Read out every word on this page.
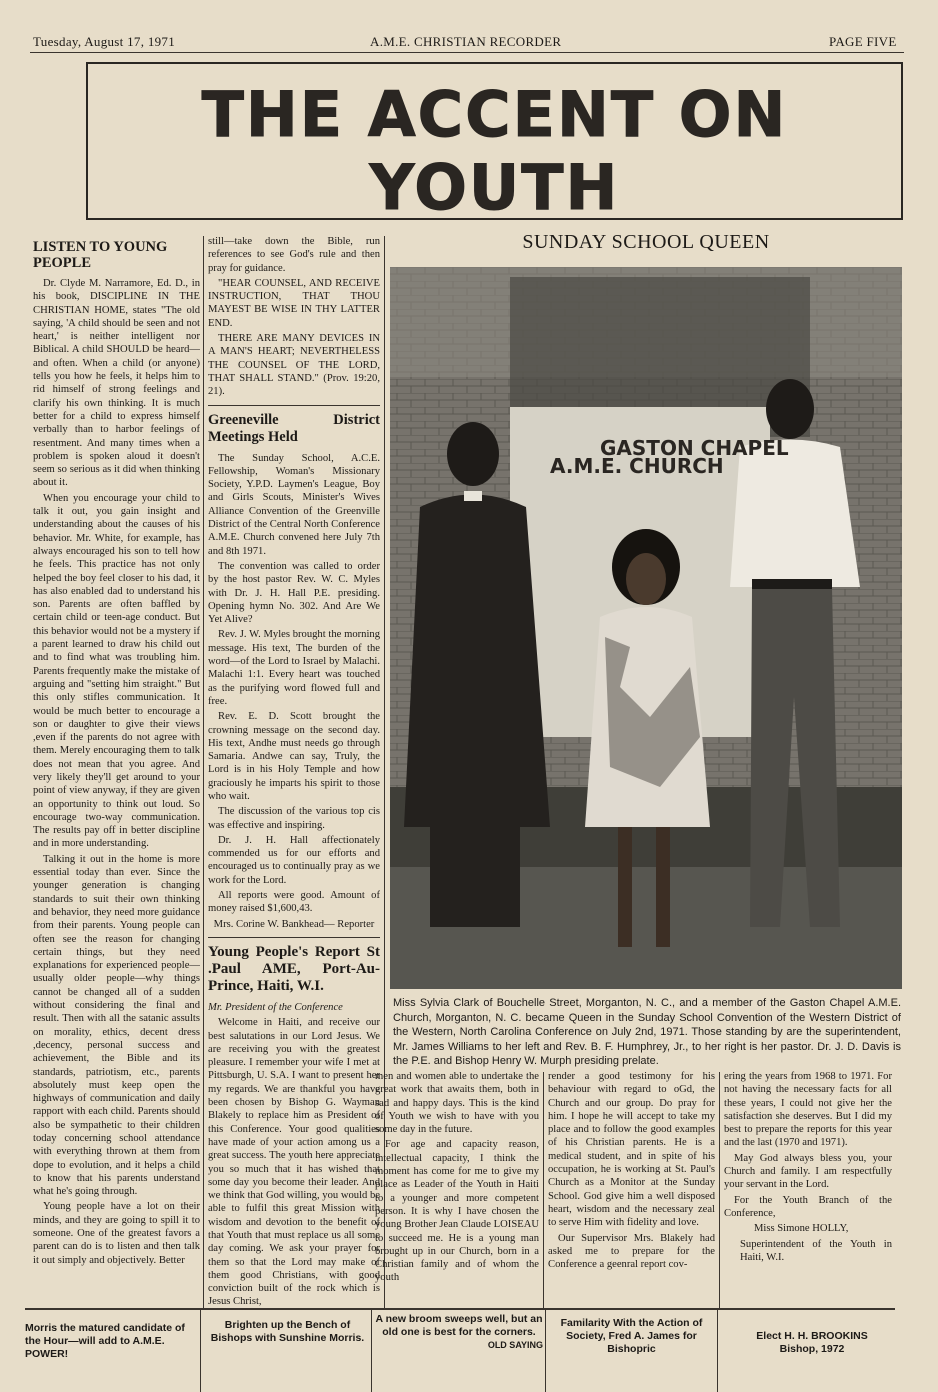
Tuesday, August 17, 1971	A.M.E. CHRISTIAN RECORDER	PAGE FIVE
THE ACCENT ON YOUTH
LISTEN TO YOUNG PEOPLE

Dr. Clyde M. Narramore, Ed. D., in his book, DISCIPLINE IN THE CHRISTIAN HOME, states "The old saying, 'A child should be seen and not heart,' is neither intelligent nor Biblical. A child SHOULD be heard—and often. When a child (or anyone) tells you how he feels, it helps him to rid himself of strong feelings and clarify his own thinking. It is much better for a child to express himself verbally than to harbor feelings of resentment. And many times when a problem is spoken aloud it doesn't seem so serious as it did when thinking about it.

When you encourage your child to talk it out, you gain insight and understanding about the causes of his behavior. Mr. White, for example, has always encouraged his son to tell how he feels. This practice has not only helped the boy feel closer to his dad, it has also enabled dad to understand his son. Parents are often baffled by certain child or teen-age conduct. But this behavior would not be a mystery if a parent learned to draw his child out and to find what was troubling him. Parents frequently make the mistake of arguing and "setting him straight." But this only stifles communication. It would be much better to encourage a son or daughter to give their views ,even if the parents do not agree with them. Merely encouraging them to talk does not mean that you agree. And very likely they'll get around to your point of view anyway, if they are given an opportunity to think out loud. So encourage two-way communication. The results pay off in better discipline and in more understanding.

Talking it out in the home is more essential today than ever. Since the younger generation is changing standards to suit their own thinking and behavior, they need more guidance from their parents. Young people can often see the reason for changing certain things, but they need explanations for experienced people—usually older people—why things cannot be changed all of a sudden without considering the final and result. Then with all the satanic assults on morality, ethics, decent dress ,decency, personal success and achievement, the Bible and its standards, patriotism, etc., parents absolutely must keep open the highways of communication and daily rapport with each child. Parents should also be sympathetic to their children today concerning school attendance with everything thrown at them from dope to evolution, and it helps a child to know that his parents understand what he's going through.

Young people have a lot on their minds, and they are going to spill it to someone. One of the greatest favors a parent can do is to listen and then talk it out simply and objectively. Better

still—take down the Bible, run references to see God's rule and then pray for guidance.

"HEAR COUNSEL, AND RECEIVE INSTRUCTION, THAT THOU MAYEST BE WISE IN THY LATTER END.

THERE ARE MANY DEVICES IN A MAN'S HEART; NEVERTHELESS THE COUNSEL OF THE LORD, THAT SHALL STAND." (Prov. 19:20, 21).

Greeneville District Meetings Held

The Sunday School, A.C.E. Fellowship, Woman's Missionary Society, Y.P.D. Laymen's League, Boy and Girls Scouts, Minister's Wives Alliance Convention of the Greenville District of the Central North Conference A.M.E. Church convened here July 7th and 8th 1971.

The convention was called to order by the host pastor Rev. W. C. Myles with Dr. J. H. Hall P.E. presiding. Opening hymn No. 302. And Are We Yet Alive?

Rev. J. W. Myles brought the morning message. His text, The burden of the word—of the Lord to Israel by Malachi. Malachi 1:1. Every heart was touched as the purifying word flowed full and free.

Rev. E. D. Scott brought the crowning message on the second day. His text, Andhe must needs go through Samaria. Andwe can say, Truly, the Lord is in his Holy Temple and how graciously he imparts his spirit to those who wait.

The discussion of the various top cis was effective and inspiring.

Dr. J. H. Hall affectionately commended us for our efforts and encouraged us to continually pray as we work for the Lord.

All reports were good. Amount of money raised $1,600,43.

Mrs. Corine W. Bankhead— Reporter

Young People's Report St .Paul AME, Port-Au-Prince, Haiti, W.I.

Mr. President of the Conference

Welcome in Haiti, and receive our best salutations in our Lord Jesus. We are receiving you with the greatest pleasure. I remember your wife I met at Pittsburgh, U. S.A. I want to present her my regards. We are thankful you have been chosen by Bishop G. Wayman Blakely to replace him as President of this Conference. Your good qualities have made of your action among us a great success. The youth here appreciate you so much that it has wished that some day you become their leader. And we think that God willing, you would be able to fulfil this great Mission with wisdom and devotion to the benefit of that Youth that must replace us all some day coming. We ask your prayer for them so that the Lord may make of them good Christians, with good conviction built of the rock which is Jesus Christ,

SUNDAY SCHOOL QUEEN
GASTON CHAPEL
A.M.E. CHURCH
Miss Sylvia Clark of Bouchelle Street, Morganton, N. C., and a member of the Gaston Chapel A.M.E. Church, Morganton, N. C. became Queen in the Sunday School Convention of the Western District of the Western, North Carolina Conference on July 2nd, 1971. Those standing by are the superintendent, Mr. James Williams to her left and Rev. B. F. Humphrey, Jr., to her right is her pastor. Dr. J. D. Davis is the P.E. and Bishop Henry W. Murph presiding prelate.

men and women able to undertake the great work that awaits them, both in sad and happy days. This is the kind of Youth we wish to have with you some day in the future.

For age and capacity reason, intellectual capacity, I think the moment has come for me to give my place as Leader of the Youth in Haiti to a younger and more competent person. It is why I have chosen the young Brother Jean Claude LOISEAU to succeed me. He is a young man brought up in our Church, born in a Christian family and of whom the youth

render a good testimony for his behaviour with regard to oGd, the Church and our group. Do pray for him. I hope he will accept to take my place and to follow the good examples of his Christian parents. He is a medical student, and in spite of his occupation, he is working at St. Paul's Church as a Monitor at the Sunday School. God give him a well disposed heart, wisdom and the necessary zeal to serve Him with fidelity and love.

Our Supervisor Mrs. Blakely had asked me to prepare for the Conference a geenral report cov-

ering the years from 1968 to 1971. For not having the necessary facts for all these years, I could not give her the satisfaction she deserves. But I did my best to prepare the reports for this year and the last (1970 and 1971).

May God always bless you, your Church and family. I am respectfully your servant in the Lord.

For the Youth Branch of the Conference,

Miss Simone HOLLY,

Superintendent of the Youth in Haiti, W.I.

Morris the matured candidate of the Hour—will add to A.M.E. POWER!
Brighten up the Bench of Bishops with Sunshine Morris.
A new broom sweeps well, but an old one is best for the corners.
OLD SAYING
Familarity With the Action of Society, Fred A. James for Bishopric
Elect H. H. BROOKINS
Bishop, 1972
